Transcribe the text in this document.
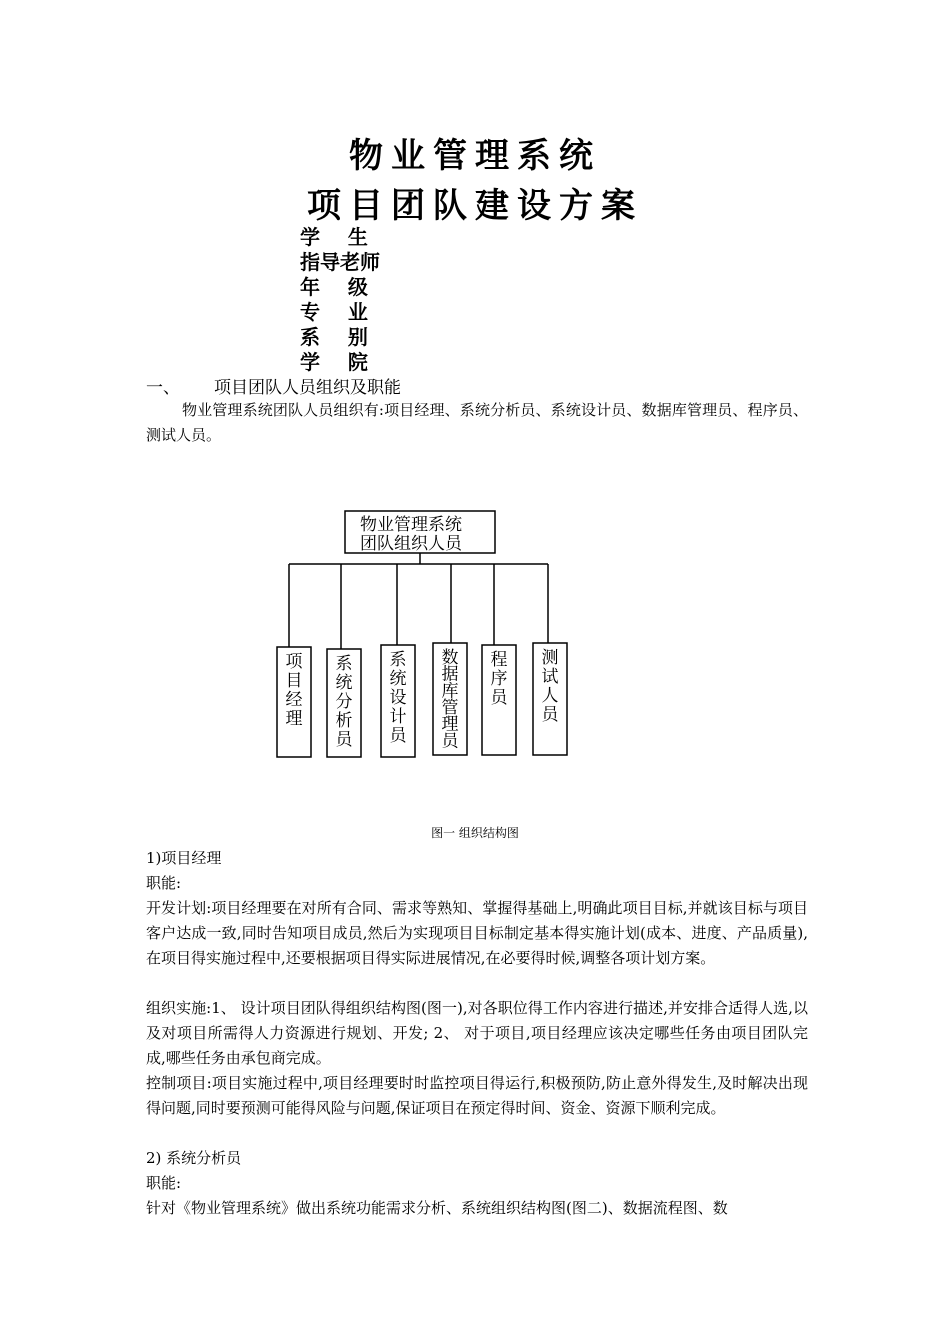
物业管理系统
项目团队建设方案
学    生
指导老师
年    级
专    业
系    别
学    院
一、 项目团队人员组织及职能
物业管理系统团队人员组织有:项目经理、系统分析员、系统设计员、数据库管理员、程序员、测试人员。
物业管理系统
团队组织人员
项
目
经
理
系
统
分
析
员
系
统
设
计
员
数
据
库
管
理
员
程
序
员
测
试
人
员
图一 组织结构图
1)项目经理
职能:
开发计划:项目经理要在对所有合同、需求等熟知、掌握得基础上,明确此项目目标,并就该目标与项目客户达成一致,同时告知项目成员,然后为实现项目目标制定基本得实施计划(成本、进度、产品质量),在项目得实施过程中,还要根据项目得实际进展情况,在必要得时候,调整各项计划方案。
组织实施:1、 设计项目团队得组织结构图(图一),对各职位得工作内容进行描述,并安排合适得人选,以及对项目所需得人力资源进行规划、开发; 2、 对于项目,项目经理应该决定哪些任务由项目团队完成,哪些任务由承包商完成。
控制项目:项目实施过程中,项目经理要时时监控项目得运行,积极预防,防止意外得发生,及时解决出现得问题,同时要预测可能得风险与问题,保证项目在预定得时间、资金、资源下顺利完成。
2) 系统分析员
职能:
针对《物业管理系统》做出系统功能需求分析、系统组织结构图(图二)、数据流程图、数
